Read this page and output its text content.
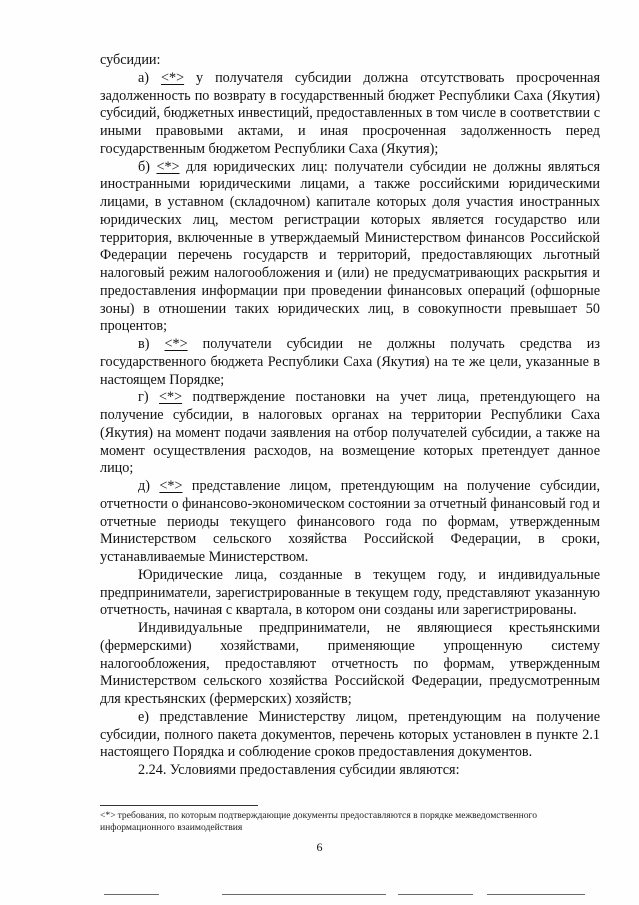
субсидии:

а) <*> у получателя субсидии должна отсутствовать просроченная задолженность по возврату в государственный бюджет Республики Саха (Якутия) субсидий, бюджетных инвестиций, предоставленных в том числе в соответствии с иными правовыми актами, и иная просроченная задолженность перед государственным бюджетом Республики Саха (Якутия);

б) <*> для юридических лиц: получатели субсидии не должны являться иностранными юридическими лицами, а также российскими юридическими лицами, в уставном (складочном) капитале которых доля участия иностранных юридических лиц, местом регистрации которых является государство или территория, включенные в утверждаемый Министерством финансов Российской Федерации перечень государств и территорий, предоставляющих льготный налоговый режим налогообложения и (или) не предусматривающих раскрытия и предоставления информации при проведении финансовых операций (офшорные зоны) в отношении таких юридических лиц, в совокупности превышает 50 процентов;

в) <*> получатели субсидии не должны получать средства из государственного бюджета Республики Саха (Якутия) на те же цели, указанные в настоящем Порядке;

г) <*> подтверждение постановки на учет лица, претендующего на получение субсидии, в налоговых органах на территории Республики Саха (Якутия) на момент подачи заявления на отбор получателей субсидии, а также на момент осуществления расходов, на возмещение которых претендует данное лицо;

д) <*> представление лицом, претендующим на получение субсидии, отчетности о финансово-экономическом состоянии за отчетный финансовый год и отчетные периоды текущего финансового года по формам, утвержденным Министерством сельского хозяйства Российской Федерации, в сроки, устанавливаемые Министерством.

Юридические лица, созданные в текущем году, и индивидуальные предприниматели, зарегистрированные в текущем году, представляют указанную отчетность, начиная с квартала, в котором они созданы или зарегистрированы.

Индивидуальные предприниматели, не являющиеся крестьянскими (фермерскими) хозяйствами, применяющие упрощенную систему налогообложения, предоставляют отчетность по формам, утвержденным Министерством сельского хозяйства Российской Федерации, предусмотренным для крестьянских (фермерских) хозяйств;

е) представление Министерству лицом, претендующим на получение субсидии, полного пакета документов, перечень которых установлен в пункте 2.1 настоящего Порядка и соблюдение сроков предоставления документов.

2.24. Условиями предоставления субсидии являются:

<*> требования, по которым подтверждающие документы предоставляются в порядке межведомственного информационного взаимодействия
6
